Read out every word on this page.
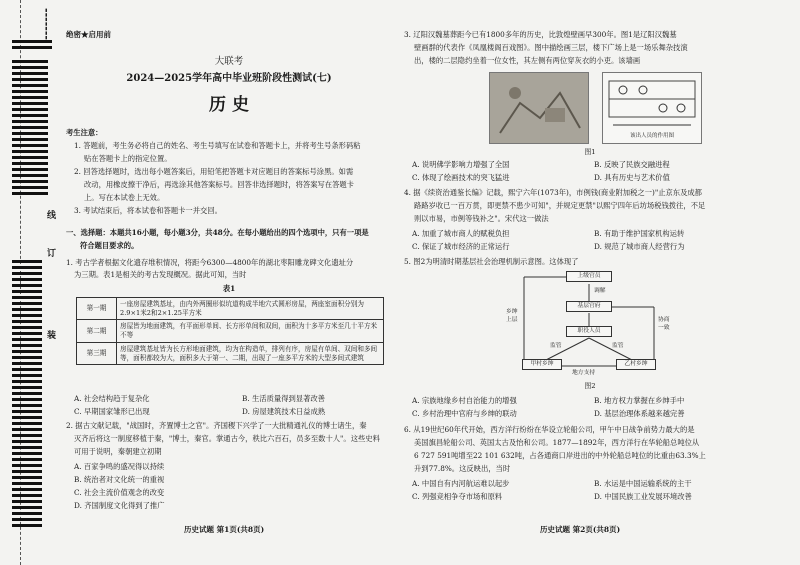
-------
线
订
装
绝密★启用前
大联考
2024—2025学年高中毕业班阶段性测试(七)
历 史
考生注意：
1. 答题前，考生务必将自己的姓名、考生号填写在试卷和答题卡上，并将考生号条形码粘
贴在答题卡上的指定位置。
2. 回答选择题时，选出每小题答案后，用铅笔把答题卡对应题目的答案标号涂黑。如需
改动，用橡皮擦干净后，再选涂其他答案标号。回答非选择题时，将答案写在答题卡
上。写在本试卷上无效。
3. 考试结束后，将本试卷和答题卡一并交回。
一、选择题：本题共16小题，每小题3分，共48分。在每小题给出的四个选项中，只有一项是
符合题目要求的。
1. 考古学者根据文化遗存堆积情况，将距今6300—4800年的湖北枣阳雕龙碑文化遗址分
为三期。表1是相关的考古发现概况。据此可知，当时
表1
第一期	一座房屋建筑基址，由内外两圈形似坑道构成半地穴式圆形房屋，两座室面积分别为
2.9×1米2和2×1.25平方米

第二期	房屋皆为地面建筑，有平面形单间、长方形单间和双间，面积为十多平方米至几十平方米
不等

第三期	房屋建筑基址皆为长方形地面建筑，均为在构造单，排列有序，房屋有单间、双间和多间
等，面积都较为大，面积多大于第一、二期，出现了一座多平方米的大型多间式建筑
A. 社会结构趋于复杂化	B. 生活质量得到显著改善
C. 早期国家雏形已出现	D. 房屋建筑技术日益成熟
2. 据古文献记载，"战国时，齐置博士之官"。齐国稷下兴学了一大批精通礼仪的博士诸生，秦
灭齐后将这一制度移植于秦，"博士，秦官。掌通古今，秩比六百石，员多至数十人"。这些史料
可用于说明，秦朝建立初期
A. 百家争鸣的盛况得以持续
B. 统治者对文化统一的重视
C. 社会主流价值观念的改变
D. 齐国制度文化得到了推广
历史试题 第1页(共8页)
3. 辽阳汉魏墓葬距今已有1800多年的历史，比敦煌壁画早300年。图1是辽阳汉魏墓
壁画群的代表作《凤凰楼阁百戏图》。图中描绘画三层，楼下广场上是一场乐舞杂技演
出，楼的二层隐约坐着一位女性，其左侧有两位穿灰衣的小吏。该墙画
该出人员的作用图
图1
A. 说明佛学影响力增强了全国	B. 反映了民族交融进程
C. 体现了绘画技术的突飞猛进	D. 具有历史与艺术价值
4. 据《续资治通鉴长编》记载，熙宁六年(1073年)，市例钱(商业附加税之一)"止京东及成都
路路岁收已一百万贯，即更禁不患少可知"，并规定更禁"以熙宁四年后坊场税钱拨往，不足
则以市易，市例等钱补之"。宋代这一做法
A. 加重了城市商人的赋税负担	B. 有助于维护国家机构运转
C. 保证了城市经济的正常运行	D. 规范了城市商人经营行为
5. 图2为明清时期基层社会治理机制示意图。这体现了
上级官员
调解
基层官府
职役人员
乡绅上层	协商一致
监管	监管
甲村乡绅	乙村乡绅
地方支持
图2
A. 宗族地缘乡村自治能力的增强	B. 地方权力掌握在乡绅手中
C. 乡村治理中官府与乡绅的联动	D. 基层治理体系越来越完善
6. 从19世纪60年代开始，西方洋行纷纷在华设立轮船公司，甲午中日战争前势力最大的是
美国旗昌轮船公司、英国太古及怡和公司。1877—1892年，西方洋行在华轮船总吨位从
6 727 591吨增至22 101 632吨，占各通商口岸进出的中外轮船总吨位的比重由63.3%上
升到77.8%。这反映出，当时
A. 中国自有内河航运难以起步	B. 水运是中国运输系统的主干
C. 列强竞相争夺市场和原料	D. 中国民族工业发展环境改善
历史试题 第2页(共8页)
